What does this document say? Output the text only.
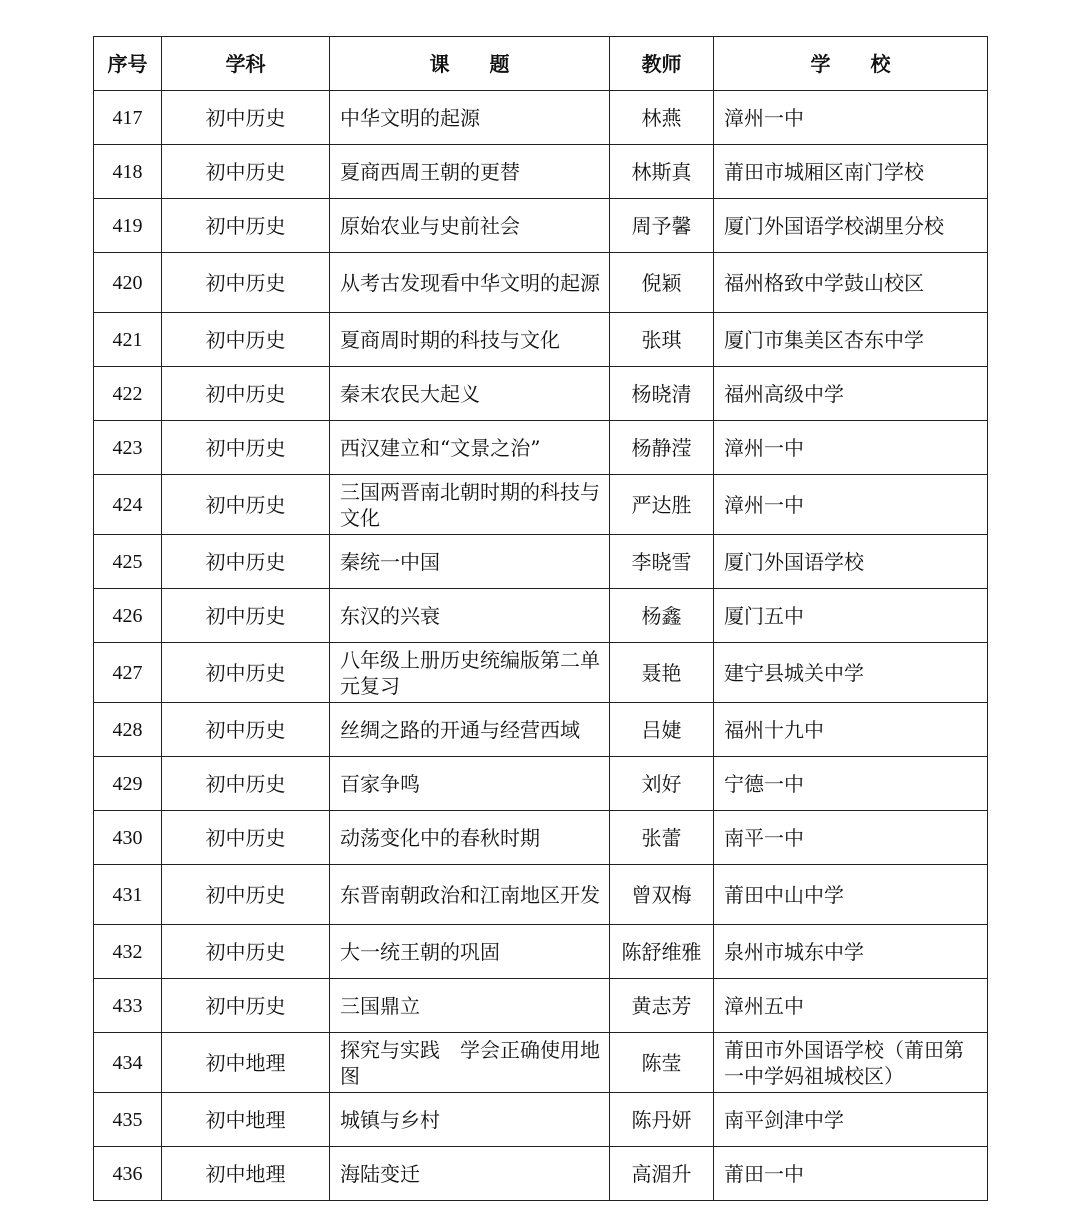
序号	学科	课　　题	教师	学　　校
417	初中历史	中华文明的起源	林燕	漳州一中
418	初中历史	夏商西周王朝的更替	林斯真	莆田市城厢区南门学校
419	初中历史	原始农业与史前社会	周予馨	厦门外国语学校湖里分校
420	初中历史	从考古发现看中华文明的起源	倪颖	福州格致中学鼓山校区
421	初中历史	夏商周时期的科技与文化	张琪	厦门市集美区杏东中学
422	初中历史	秦末农民大起义	杨晓清	福州高级中学
423	初中历史	西汉建立和“文景之治”	杨静滢	漳州一中
424	初中历史	三国两晋南北朝时期的科技与文化	严达胜	漳州一中
425	初中历史	秦统一中国	李晓雪	厦门外国语学校
426	初中历史	东汉的兴衰	杨鑫	厦门五中
427	初中历史	八年级上册历史统编版第二单元复习	聂艳	建宁县城关中学
428	初中历史	丝绸之路的开通与经营西域	吕婕	福州十九中
429	初中历史	百家争鸣	刘好	宁德一中
430	初中历史	动荡变化中的春秋时期	张蕾	南平一中
431	初中历史	东晋南朝政治和江南地区开发	曾双梅	莆田中山中学
432	初中历史	大一统王朝的巩固	陈舒维雅	泉州市城东中学
433	初中历史	三国鼎立	黄志芳	漳州五中
434	初中地理	探究与实践　学会正确使用地图	陈莹	莆田市外国语学校（莆田第一中学妈祖城校区）
435	初中地理	城镇与乡村	陈丹妍	南平剑津中学
436	初中地理	海陆变迁	高湄升	莆田一中
